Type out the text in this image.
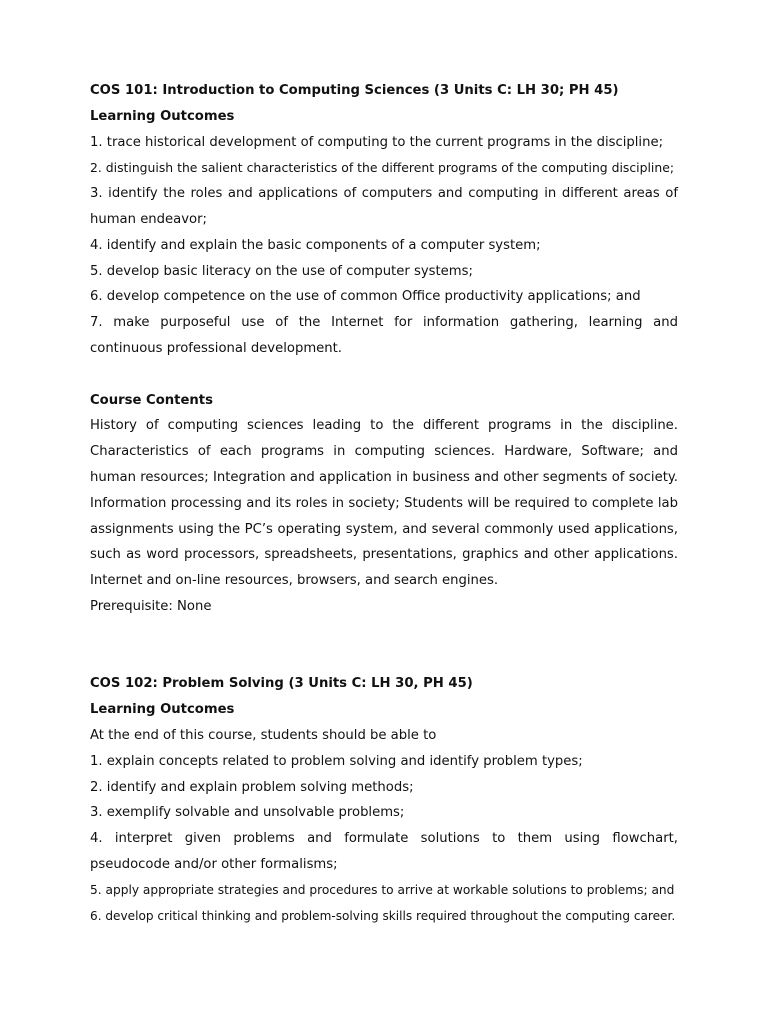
COS 101: Introduction to Computing Sciences (3 Units C: LH 30; PH 45)

Learning Outcomes

1. trace historical development of computing to the current programs in the discipline;

2. distinguish the salient characteristics of the different programs of the computing discipline;

3. identify the roles and applications of computers and computing in different areas of human endeavor;

4. identify and explain the basic components of a computer system;

5. develop basic literacy on the use of computer systems;

6. develop competence on the use of common Office productivity applications; and

7. make purposeful use of the Internet for information gathering, learning and continuous professional development.

Course Contents

History of computing sciences leading to the different programs in the discipline. Characteristics of each programs in computing sciences. Hardware, Software; and human resources; Integration and application in business and other segments of society. Information processing and its roles in society; Students will be required to complete lab assignments using the PC’s operating system, and several commonly used applications, such as word processors, spreadsheets, presentations, graphics and other applications. Internet and on-line resources, browsers, and search engines.

Prerequisite: None

COS 102: Problem Solving (3 Units C: LH 30, PH 45)

Learning Outcomes

At the end of this course, students should be able to

1. explain concepts related to problem solving and identify problem types;

2. identify and explain problem solving methods;

3. exemplify solvable and unsolvable problems;

4. interpret given problems and formulate solutions to them using flowchart, pseudocode and/or other formalisms;

5. apply appropriate strategies and procedures to arrive at workable solutions to problems; and

6. develop critical thinking and problem-solving skills required throughout the computing career.
